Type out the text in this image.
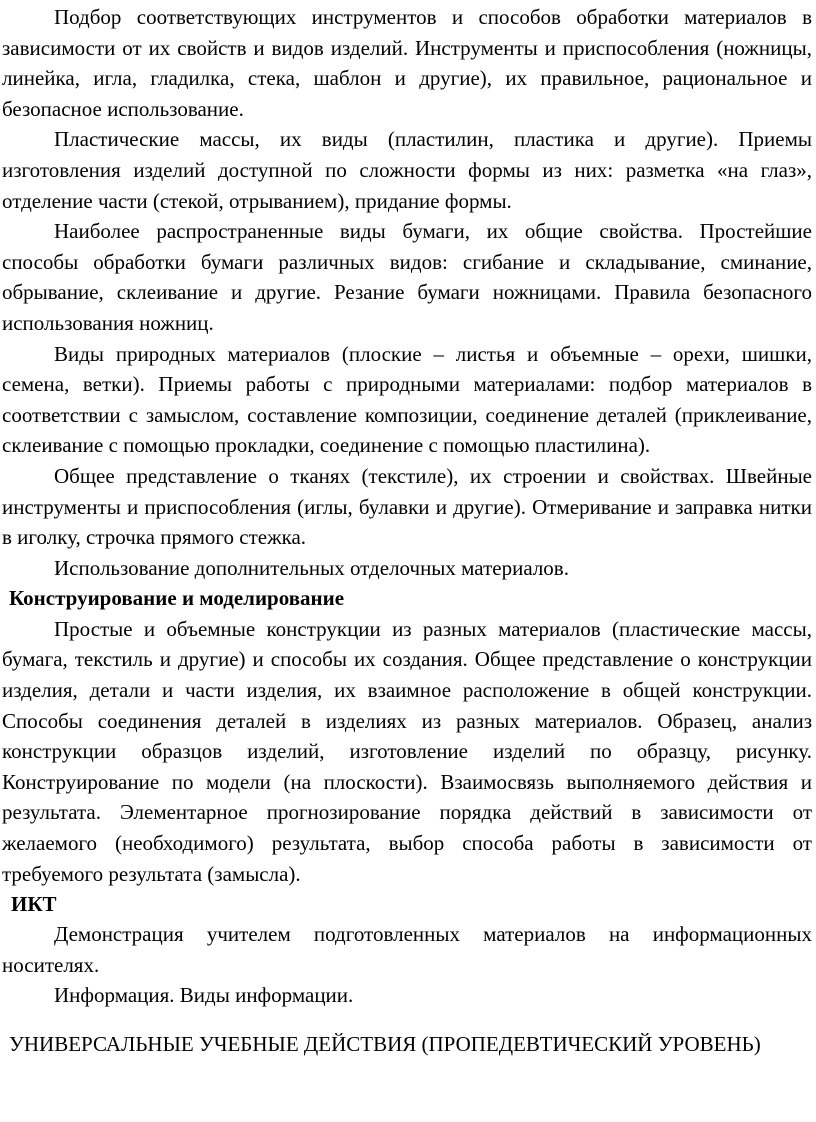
Подбор соответствующих инструментов и способов обработки материалов в зависимости от их свойств и видов изделий. Инструменты и приспособления (ножницы, линейка, игла, гладилка, стека, шаблон и другие), их правильное, рациональное и безопасное использование.

Пластические массы, их виды (пластилин, пластика и другие). Приемы изготовления изделий доступной по сложности формы из них: разметка «на глаз», отделение части (стекой, отрыванием), придание формы.

Наиболее распространенные виды бумаги, их общие свойства. Простейшие способы обработки бумаги различных видов: сгибание и складывание, сминание, обрывание, склеивание и другие. Резание бумаги ножницами. Правила безопасного использования ножниц.

Виды природных материалов (плоские – листья и объемные – орехи, шишки, семена, ветки). Приемы работы с природными материалами: подбор материалов в соответствии с замыслом, составление композиции, соединение деталей (приклеивание, склеивание с помощью прокладки, соединение с помощью пластилина).

Общее представление о тканях (текстиле), их строении и свойствах. Швейные инструменты и приспособления (иглы, булавки и другие). Отмеривание и заправка нитки в иголку, строчка прямого стежка.

Использование дополнительных отделочных материалов.

Конструирование и моделирование

Простые и объемные конструкции из разных материалов (пластические массы, бумага, текстиль и другие) и способы их создания. Общее представление о конструкции изделия, детали и части изделия, их взаимное расположение в общей конструкции. Способы соединения деталей в изделиях из разных материалов. Образец, анализ конструкции образцов изделий, изготовление изделий по образцу, рисунку. Конструирование по модели (на плоскости). Взаимосвязь выполняемого действия и результата. Элементарное прогнозирование порядка действий в зависимости от желаемого (необходимого) результата, выбор способа работы в зависимости от требуемого результата (замысла).

ИКТ

Демонстрация учителем подготовленных материалов на информационных носителях.

Информация. Виды информации.

УНИВЕРСАЛЬНЫЕ УЧЕБНЫЕ ДЕЙСТВИЯ (ПРОПЕДЕВТИЧЕСКИЙ УРОВЕНЬ)
